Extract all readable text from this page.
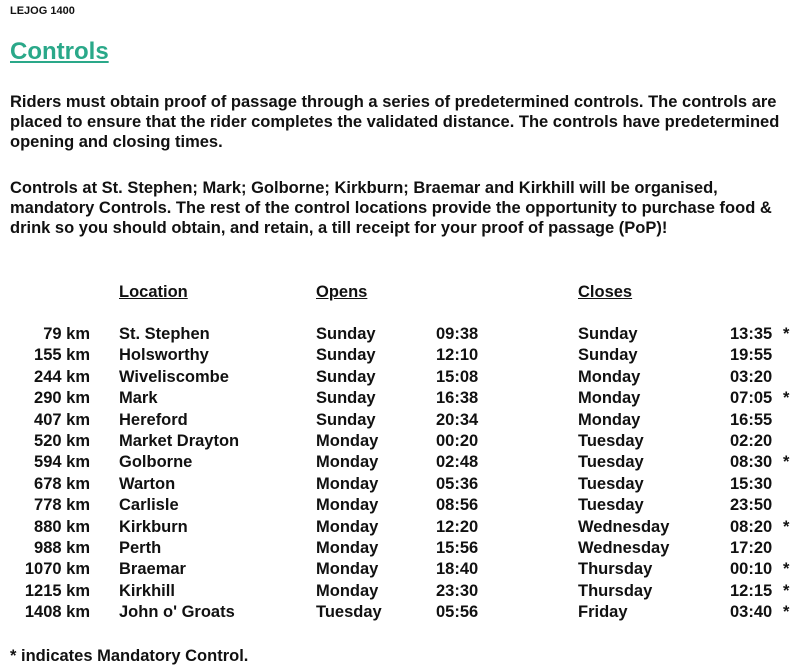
LEJOG 1400
Controls

Riders must obtain proof of passage through a series of predetermined controls. The controls are placed to ensure that the rider completes the validated distance. The controls have predetermined opening and closing times.

Controls at St. Stephen; Mark; Golborne; Kirkburn; Braemar and Kirkhill will be organised, mandatory Controls. The rest of the control locations provide the opportunity to purchase food & drink so you should obtain, and retain, a till receipt for your proof of passage (PoP)!

Location	Opens	Closes
79 km St. Stephen	Sunday	09:38	Sunday	13:35 *
155 km Holsworthy	Sunday	12:10	Sunday	19:55
244 km Wiveliscombe	Sunday	15:08	Monday	03:20
290 km Mark	Sunday	16:38	Monday	07:05 *
407 km Hereford	Sunday	20:34	Monday	16:55
520 km Market Drayton	Monday	00:20	Tuesday	02:20
594 km Golborne	Monday	02:48	Tuesday	08:30 *
678 km Warton	Monday	05:36	Tuesday	15:30
778 km Carlisle	Monday	08:56	Tuesday	23:50
880 km Kirkburn	Monday	12:20	Wednesday	08:20 *
988 km Perth	Monday	15:56	Wednesday	17:20
1070 km Braemar	Monday	18:40	Thursday	00:10 *
1215 km Kirkhill	Monday	23:30	Thursday	12:15 *
1408 km John o' Groats	Tuesday	05:56	Friday	03:40 *
* indicates Mandatory Control.
